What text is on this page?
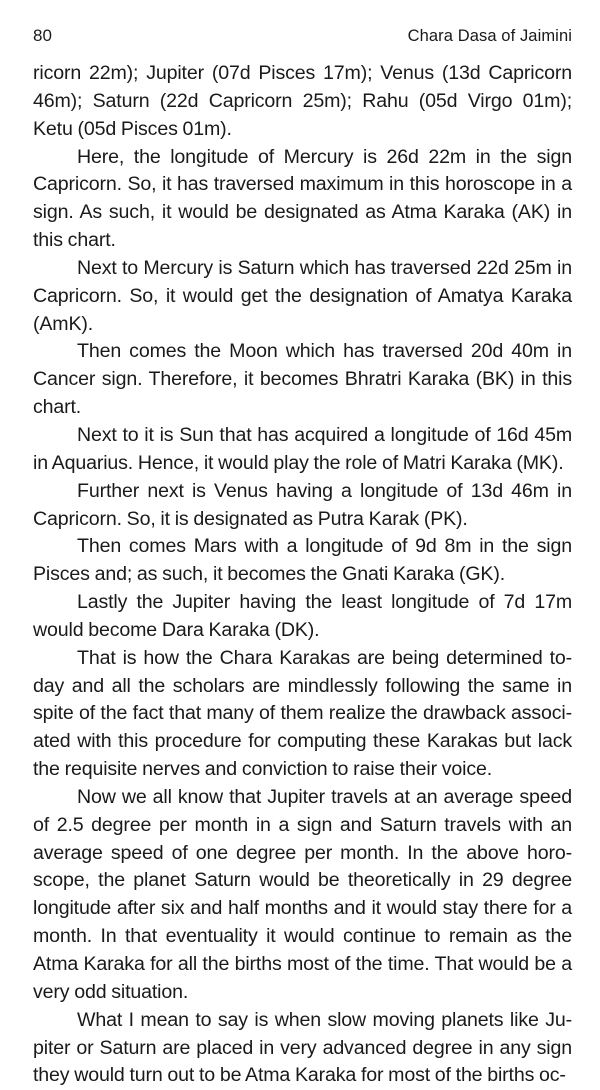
80	Chara Dasa of Jaimini

ricorn 22m); Jupiter (07d Pisces 17m); Venus (13d Capricorn 46m); Saturn (22d Capricorn 25m); Rahu (05d Virgo 01m); Ketu (05d Pisces 01m).

Here, the longitude of Mercury is 26d 22m in the sign Capricorn. So, it has traversed maximum in this horoscope in a sign. As such, it would be designated as Atma Karaka (AK) in this chart.

Next to Mercury is Saturn which has traversed 22d 25m in Capricorn. So, it would get the designation of Amatya Karaka (AmK).

Then comes the Moon which has traversed 20d 40m in Cancer sign. Therefore, it becomes Bhratri Karaka (BK) in this chart.

Next to it is Sun that has acquired a longitude of 16d 45m in Aquarius. Hence, it would play the role of Matri Karaka (MK).

Further next is Venus having a longitude of 13d 46m in Capricorn. So, it is designated as Putra Karak (PK).

Then comes Mars with a longitude of 9d 8m in the sign Pisces and; as such, it becomes the Gnati Karaka (GK).

Lastly the Jupiter having the least longitude of 7d 17m would become Dara Karaka (DK).

That is how the Chara Karakas are being determined to-day and all the scholars are mindlessly following the same in spite of the fact that many of them realize the drawback associ-ated with this procedure for computing these Karakas but lack the requisite nerves and conviction to raise their voice.

Now we all know that Jupiter travels at an average speed of 2.5 degree per month in a sign and Saturn travels with an average speed of one degree per month. In the above horo-scope, the planet Saturn would be theoretically in 29 degree longitude after six and half months and it would stay there for a month. In that eventuality it would continue to remain as the Atma Karaka for all the births most of the time. That would be a very odd situation.

What I mean to say is when slow moving planets like Ju-piter or Saturn are placed in very advanced degree in any sign they would turn out to be Atma Karaka for most of the births oc-
